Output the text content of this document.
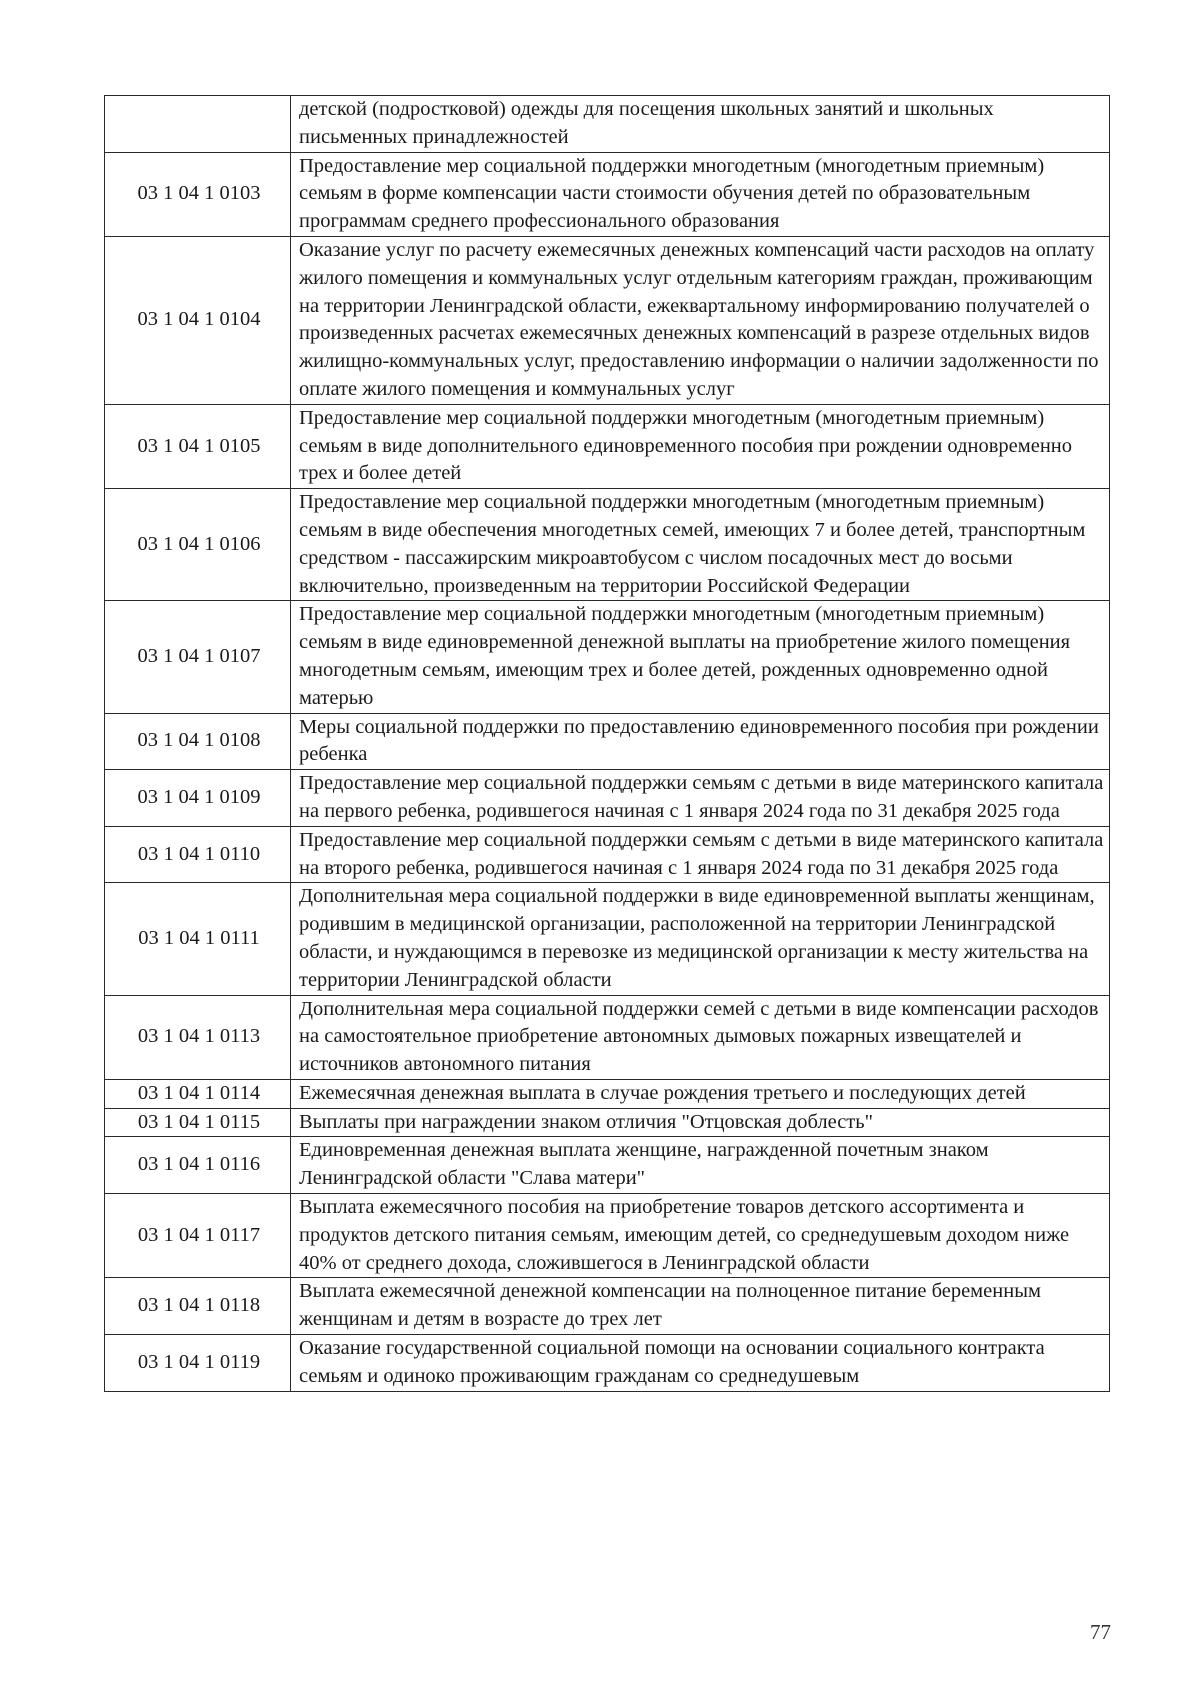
	детской (подростковой) одежды для посещения школьных занятий и школьных письменных принадлежностей
03 1 04 1 0103	Предоставление мер социальной поддержки многодетным (многодетным приемным) семьям в форме компенсации части стоимости обучения детей по образовательным программам среднего профессионального образования
03 1 04 1 0104	Оказание услуг по расчету ежемесячных денежных компенсаций части расходов на оплату жилого помещения и коммунальных услуг отдельным категориям граждан, проживающим на территории Ленинградской области, ежеквартальному информированию получателей о произведенных расчетах ежемесячных денежных компенсаций в разрезе отдельных видов жилищно-коммунальных услуг, предоставлению информации о наличии задолженности по оплате жилого помещения и коммунальных услуг
03 1 04 1 0105	Предоставление мер социальной поддержки многодетным (многодетным приемным) семьям в виде дополнительного единовременного пособия при рождении одновременно трех и более детей
03 1 04 1 0106	Предоставление мер социальной поддержки многодетным (многодетным приемным) семьям в виде обеспечения многодетных семей, имеющих 7 и более детей, транспортным средством - пассажирским микроавтобусом с числом посадочных мест до восьми включительно, произведенным на территории Российской Федерации
03 1 04 1 0107	Предоставление мер социальной поддержки многодетным (многодетным приемным) семьям в виде единовременной денежной выплаты на приобретение жилого помещения многодетным семьям, имеющим трех и более детей, рожденных одновременно одной матерью
03 1 04 1 0108	Меры социальной поддержки по предоставлению единовременного пособия при рождении ребенка
03 1 04 1 0109	Предоставление мер социальной поддержки семьям с детьми в виде материнского капитала на первого ребенка, родившегося начиная с 1 января 2024 года по 31 декабря 2025 года
03 1 04 1 0110	Предоставление мер социальной поддержки семьям с детьми в виде материнского капитала на второго ребенка, родившегося начиная с 1 января 2024 года по 31 декабря 2025 года
03 1 04 1 0111	Дополнительная мера социальной поддержки в виде единовременной выплаты женщинам, родившим в медицинской организации, расположенной на территории Ленинградской области, и нуждающимся в перевозке из медицинской организации к месту жительства на территории Ленинградской области
03 1 04 1 0113	Дополнительная мера социальной поддержки семей с детьми в виде компенсации расходов на самостоятельное приобретение автономных дымовых пожарных извещателей и источников автономного питания
03 1 04 1 0114	Ежемесячная денежная выплата в случае рождения третьего и последующих детей
03 1 04 1 0115	Выплаты при награждении знаком отличия "Отцовская доблесть"
03 1 04 1 0116	Единовременная денежная выплата женщине, награжденной почетным знаком Ленинградской области "Слава матери"
03 1 04 1 0117	Выплата ежемесячного пособия на приобретение товаров детского ассортимента и продуктов детского питания семьям, имеющим детей, со среднедушевым доходом ниже 40% от среднего дохода, сложившегося в Ленинградской области
03 1 04 1 0118	Выплата ежемесячной денежной компенсации на полноценное питание беременным женщинам и детям в возрасте до трех лет
03 1 04 1 0119	Оказание государственной социальной помощи на основании социального контракта семьям и одиноко проживающим гражданам со среднедушевым
77
